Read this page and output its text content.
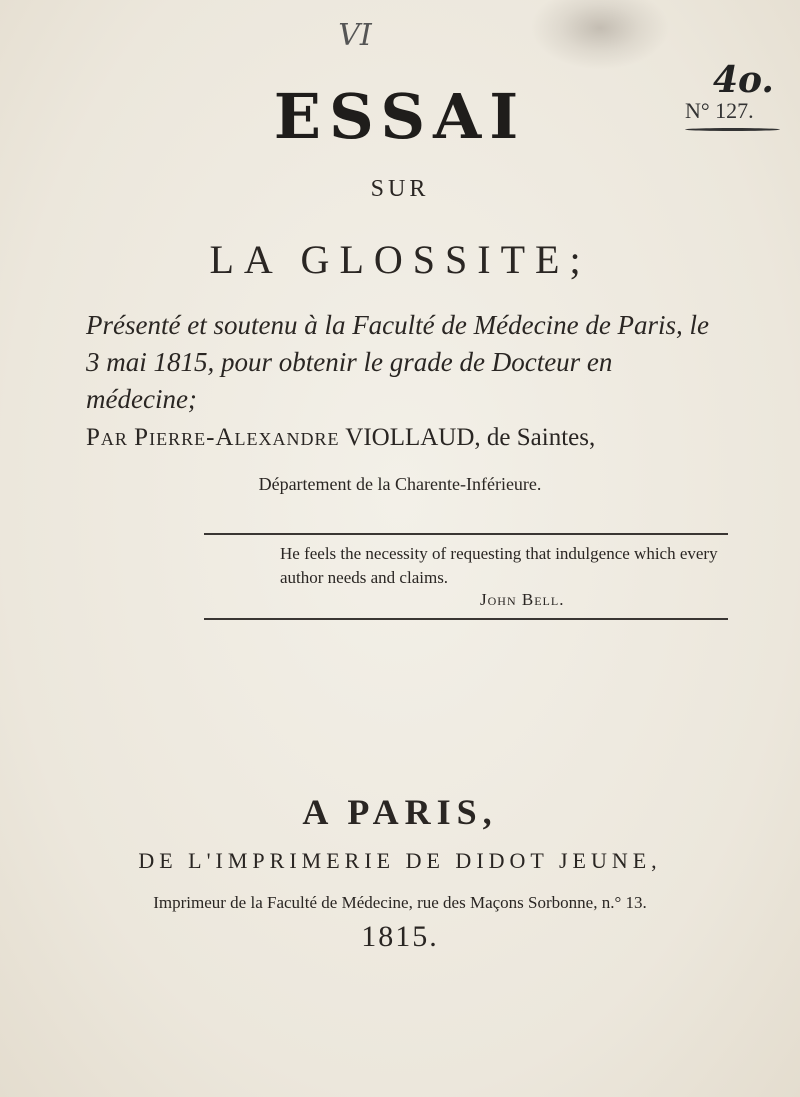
VI
ESSAI	4o.
N° 127.
SUR
LA GLOSSITE;
Présenté et soutenu à la Faculté de Médecine de Paris, le 3 mai 1815, pour obtenir le grade de Docteur en médecine;
Par Pierre-Alexandre VIOLLAUD, de Saintes,
Département de la Charente-Inférieure.
He feels the necessity of requesting that indulgence which every author needs and claims.
John Bell.
A PARIS,
DE L'IMPRIMERIE DE DIDOT JEUNE,
Imprimeur de la Faculté de Médecine, rue des Maçons Sorbonne, n.° 13.
1815.
